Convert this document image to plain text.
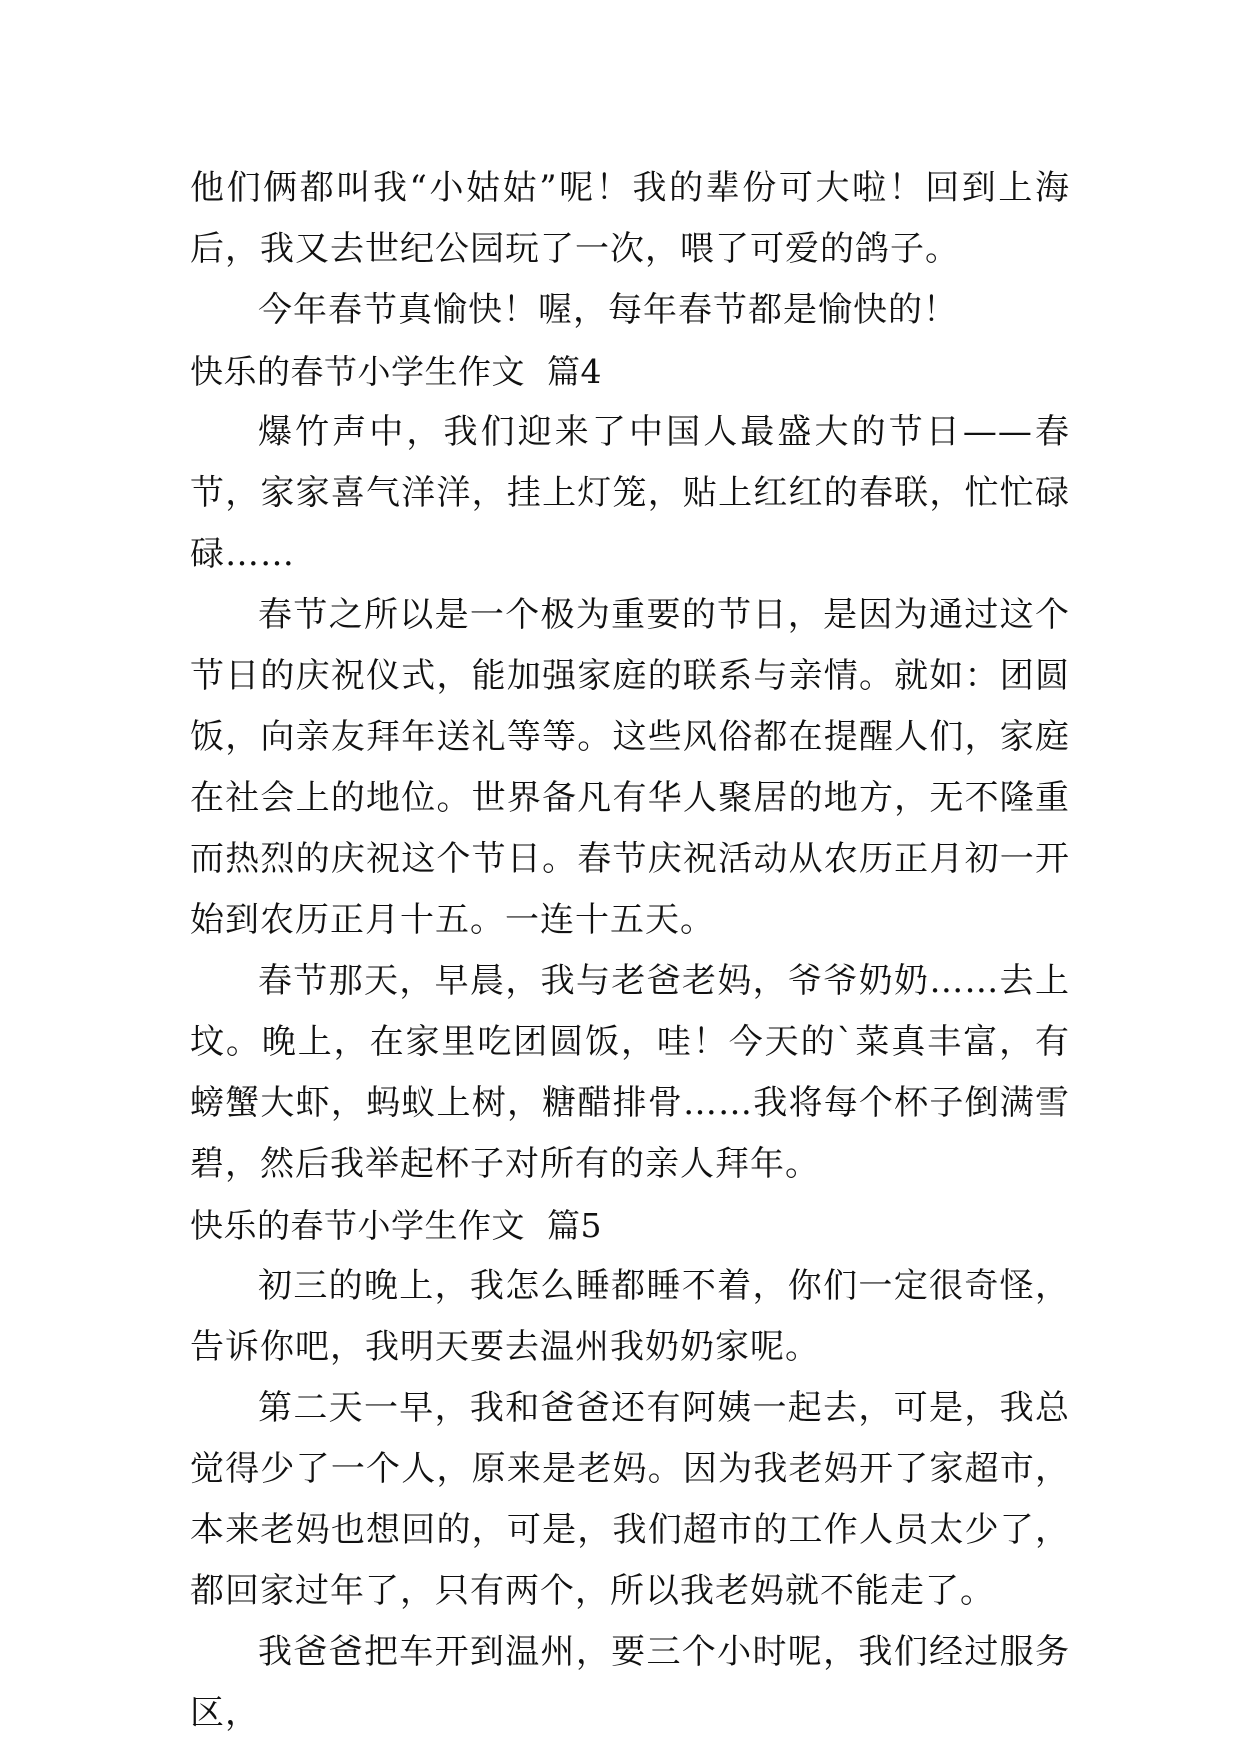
他们俩都叫我“小姑姑”呢！我的辈份可大啦！回到上海后，我又去世纪公园玩了一次，喂了可爱的鸽子。

今年春节真愉快！喔，每年春节都是愉快的！

快乐的春节小学生作文  篇4

爆竹声中，我们迎来了中国人最盛大的节日——春节，家家喜气洋洋，挂上灯笼，贴上红红的春联，忙忙碌碌……

春节之所以是一个极为重要的节日，是因为通过这个节日的庆祝仪式，能加强家庭的联系与亲情。就如：团圆饭，向亲友拜年送礼等等。这些风俗都在提醒人们，家庭在社会上的地位。世界备凡有华人聚居的地方，无不隆重而热烈的庆祝这个节日。春节庆祝活动从农历正月初一开始到农历正月十五。一连十五天。

春节那天，早晨，我与老爸老妈，爷爷奶奶……去上坟。晚上，在家里吃团圆饭，哇！今天的`菜真丰富，有螃蟹大虾，蚂蚁上树，糖醋排骨……我将每个杯子倒满雪碧，然后我举起杯子对所有的亲人拜年。

快乐的春节小学生作文  篇5

初三的晚上，我怎么睡都睡不着，你们一定很奇怪，告诉你吧，我明天要去温州我奶奶家呢。

第二天一早，我和爸爸还有阿姨一起去，可是，我总觉得少了一个人，原来是老妈。因为我老妈开了家超市，本来老妈也想回的，可是，我们超市的工作人员太少了，都回家过年了，只有两个，所以我老妈就不能走了。

我爸爸把车开到温州，要三个小时呢，我们经过服务区，
